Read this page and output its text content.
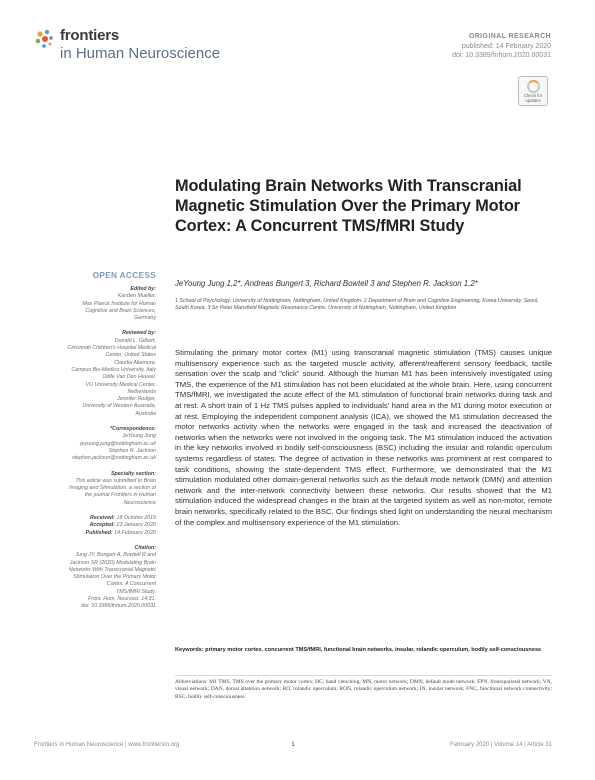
frontiers
in Human Neuroscience
ORIGINAL RESEARCH
published: 14 February 2020
doi: 10.3389/fnhum.2020.00031
Check for
updates
Modulating Brain Networks With Transcranial Magnetic Stimulation Over the Primary Motor Cortex: A Concurrent TMS/fMRI Study
OPEN ACCESS
Edited by:
Karsten Mueller,
Max Planck Institute for Human
Cognitive and Brain Sciences,
Germany
Reviewed by:
Donald L. Gilbert,
Cincinnati Children's Hospital Medical
Center, United States
Claudia Altamura,
Campus Bio-Medico University, Italy
Odile Van Den Heuvel,
VU University Medical Center,
Netherlands
Jennifer Rodger,
University of Western Australia,
Australia
*Correspondence:
JeYoung Jung
jeyoung.jung@nottingham.ac.uk
Stephen R. Jackson
stephen.jackson@nottingham.ac.uk
Specialty section:
This article was submitted to Brain
Imaging and Stimulation, a section of
the journal Frontiers in Human
Neuroscience
Received: 18 October 2019
Accepted: 23 January 2020
Published: 14 February 2020
Citation:
Jung JY, Bungert A, Bowtell R and
Jackson SR (2020) Modulating Brain
Networks With Transcranial Magnetic
Stimulation Over the Primary Motor
Cortex: A Concurrent
TMS/fMRI Study.
Front. Hum. Neurosci. 14:31.
doi: 10.3389/fnhum.2020.00031
JeYoung Jung 1,2*, Andreas Bungert 3, Richard Bowtell 3 and Stephen R. Jackson 1,2*
1 School of Psychology, University of Nottingham, Nottingham, United Kingdom, 2 Department of Brain and Cognitive Engineering, Korea University, Seoul, South Korea, 3 Sir Peter Mansfield Magnetic Resonance Centre, University of Nottingham, Nottingham, United Kingdom
Stimulating the primary motor cortex (M1) using transcranial magnetic stimulation (TMS) causes unique multisensory experience such as the targeted muscle activity, afferent/reafferent sensory feedback, tactile sensation over the scalp and "click" sound. Although the human M1 has been intensively investigated using TMS, the experience of the M1 stimulation has not been elucidated at the whole brain. Here, using concurrent TMS/fMRI, we investigated the acute effect of the M1 stimulation of functional brain networks during task and at rest. A short train of 1 Hz TMS pulses applied to individuals' hand area in the M1 during motor execution or at rest. Employing the independent component analysis (ICA), we showed the M1 stimulation decreased the motor networks activity when the networks were engaged in the task and increased the deactivation of networks when the networks were not involved in the ongoing task. The M1 stimulation induced the activation in the key networks involved in bodily self-consciousness (BSC) including the insular and rolandic operculum systems regardless of states. The degree of activation in these networks was prominent at rest compared to task conditions, showing the state-dependent TMS effect. Furthermore, we demonstrated that the M1 stimulation modulated other domain-general networks such as the default mode network (DMN) and attention network and the inter-network connectivity between these networks. Our results showed that the M1 stimulation induced the widespread changes in the brain at the targeted system as well as non-motor, remote brain networks, specifically related to the BSC. Our findings shed light on understanding the neural mechanism of the complex and multisensory experience of the M1 stimulation.
Keywords: primary motor cortex, concurrent TMS/fMRI, functional brain networks, insular, rolandic operculum, bodily self-consciousness
Abbreviations: M1 TMS, TMS over the primary motor cortex; HC, hand clenching; MN, motor network; DMN, default mode network; FPN, frontoparietal network; VN, visual network; DAN, dorsal attention network; RO, rolandic operculum; RON, rolandic operculum network; IN, insular network; FNC, functional network connectivity; BSC, bodily self-consciousness.
Frontiers in Human Neuroscience | www.frontiersin.org	1	February 2020 | Volume 14 | Article 31
